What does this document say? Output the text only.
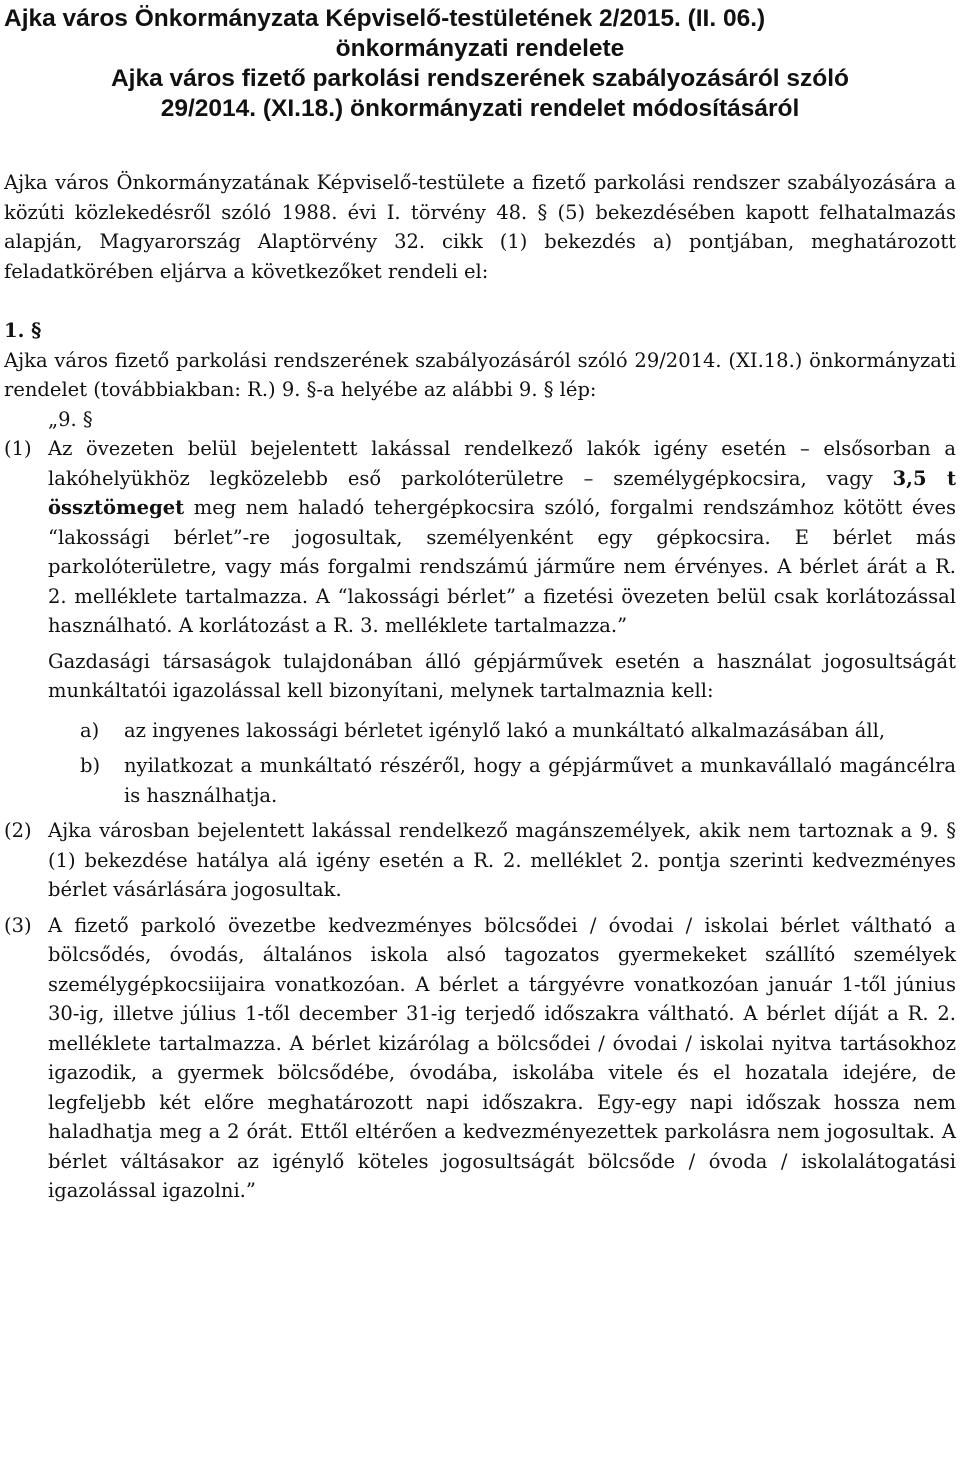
Ajka város Önkormányzata Képviselő-testületének 2/2015. (II. 06.)

önkormányzati rendelete

Ajka város fizető parkolási rendszerének szabályozásáról szóló

29/2014. (XI.18.) önkormányzati rendelet módosításáról

Ajka város Önkormányzatának Képviselő-testülete a fizető parkolási rendszer szabályozására a közúti közlekedésről szóló 1988. évi I. törvény 48. § (5) bekezdésében kapott felhatalmazás alapján, Magyarország Alaptörvény 32. cikk (1) bekezdés a) pontjában, meghatározott feladatkörében eljárva a következőket rendeli el:

1. §

Ajka város fizető parkolási rendszerének szabályozásáról szóló 29/2014. (XI.18.) önkormányzati rendelet (továbbiakban: R.) 9. §-a helyébe az alábbi 9. § lép:

„9. §

(1) Az övezeten belül bejelentett lakással rendelkező lakók igény esetén – elsősorban a lakóhelyükhöz legközelebb eső parkolóterületre – személygépkocsira, vagy 3,5 t össztömeget meg nem haladó tehergépkocsira szóló, forgalmi rendszámhoz kötött éves “lakossági bérlet”-re jogosultak, személyenként egy gépkocsira. E bérlet más parkolóterületre, vagy más forgalmi rendszámú járműre nem érvényes. A bérlet árát a R. 2. melléklete tartalmazza. A “lakossági bérlet” a fizetési övezeten belül csak korlátozással használható. A korlátozást a R. 3. melléklete tartalmazza.”

Gazdasági társaságok tulajdonában álló gépjárművek esetén a használat jogosultságát munkáltatói igazolással kell bizonyítani, melynek tartalmaznia kell:

a)	az ingyenes lakossági bérletet igénylő lakó a munkáltató alkalmazásában áll,

b)	nyilatkozat a munkáltató részéről, hogy a gépjárművet a munkavállaló magáncélra is használhatja.

(2) Ajka városban bejelentett lakással rendelkező magánszemélyek, akik nem tartoznak a 9. § (1) bekezdése hatálya alá igény esetén a R. 2. melléklet 2. pontja szerinti kedvezményes bérlet vásárlására jogosultak.

(3) A fizető parkoló övezetbe kedvezményes bölcsődei / óvodai / iskolai bérlet váltható a bölcsődés, óvodás, általános iskola alsó tagozatos gyermekeket szállító személyek személygépkocsiijaira vonatkozóan. A bérlet a tárgyévre vonatkozóan január 1-től június 30-ig, illetve július 1-től december 31-ig terjedő időszakra váltható. A bérlet díját a R. 2. melléklete tartalmazza. A bérlet kizárólag a bölcsődei / óvodai / iskolai nyitva tartásokhoz igazodik, a gyermek bölcsődébe, óvodába, iskolába vitele és el hozatala idejére, de legfeljebb két előre meghatározott napi időszakra. Egy-egy napi időszak hossza nem haladhatja meg a 2 órát. Ettől eltérően a kedvezményezettek parkolásra nem jogosultak. A bérlet váltásakor az igénylő köteles jogosultságát bölcsőde / óvoda / iskolalátogatási igazolással igazolni.”
